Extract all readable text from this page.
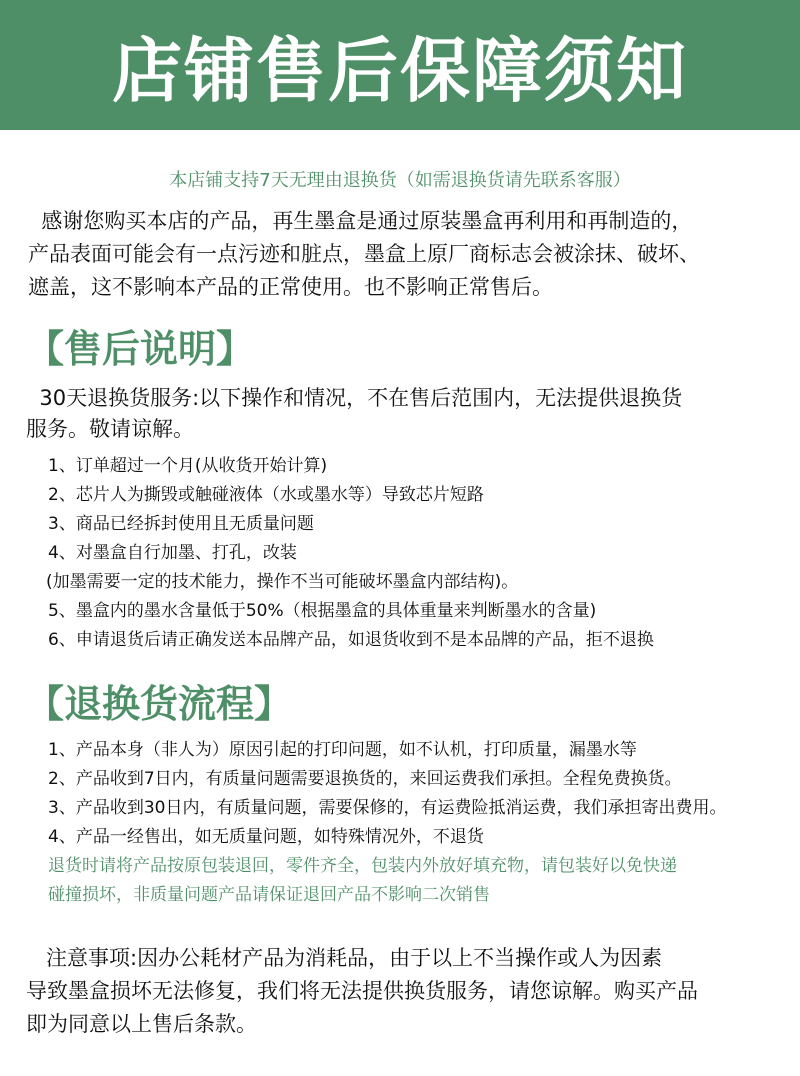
店铺售后保障须知
本店铺支持7天无理由退换货（如需退换货请先联系客服）
感谢您购买本店的产品，再生墨盒是通过原装墨盒再利用和再制造的，
产品表面可能会有一点污迹和脏点，墨盒上原厂商标志会被涂抹、破坏、
遮盖，这不影响本产品的正常使用。也不影响正常售后。
【售后说明】
30天退换货服务:以下操作和情况，不在售后范围内，无法提供退换货
服务。敬请谅解。
1、订单超过一个月(从收货开始计算)
2、芯片人为撕毁或触碰液体（水或墨水等）导致芯片短路
3、商品已经拆封使用且无质量问题
4、对墨盒自行加墨、打孔，改装
(加墨需要一定的技术能力，操作不当可能破坏墨盒内部结构)。
5、墨盒内的墨水含量低于50%（根据墨盒的具体重量来判断墨水的含量)
6、申请退货后请正确发送本品牌产品，如退货收到不是本品牌的产品，拒不退换
【退换货流程】
1、产品本身（非人为）原因引起的打印问题，如不认机，打印质量，漏墨水等
2、产品收到7日内，有质量问题需要退换货的，来回运费我们承担。全程免费换货。
3、产品收到30日内，有质量问题，需要保修的，有运费险抵消运费，我们承担寄出费用。
4、产品一经售出，如无质量问题，如特殊情况外，不退货
退货时请将产品按原包装退回，零件齐全，包装内外放好填充物，请包装好以免快递
碰撞损坏，非质量问题产品请保证退回产品不影响二次销售
注意事项:因办公耗材产品为消耗品，由于以上不当操作或人为因素
导致墨盒损坏无法修复，我们将无法提供换货服务，请您谅解。购买产品
即为同意以上售后条款。
